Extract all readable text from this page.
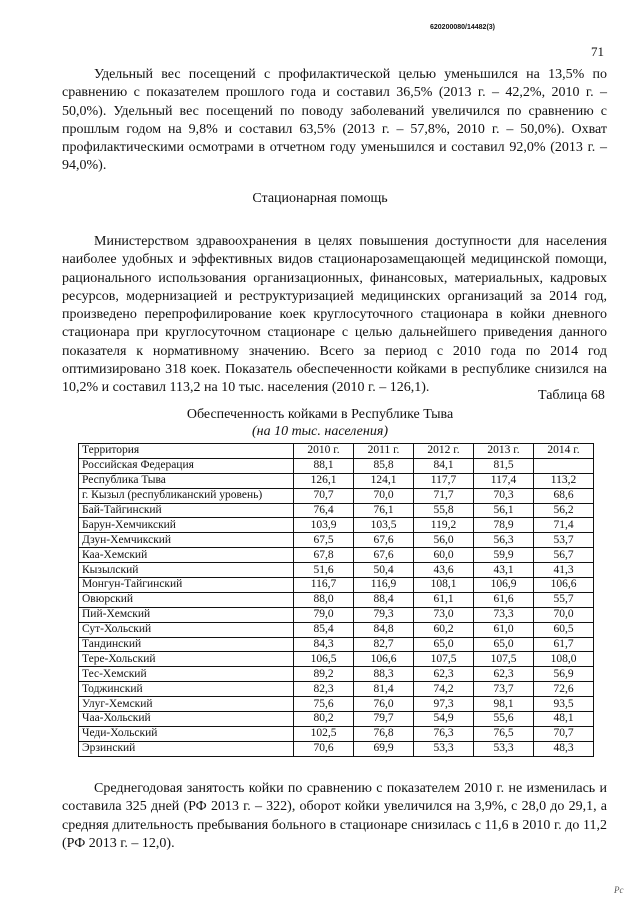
620200080/14482(3)
71
Удельный вес посещений с профилактической целью уменьшился на 13,5% по сравнению с показателем прошлого года и составил 36,5% (2013 г. – 42,2%, 2010 г. – 50,0%). Удельный вес посещений по поводу заболеваний увеличился по сравнению с прошлым годом на 9,8% и составил 63,5% (2013 г. – 57,8%, 2010 г. – 50,0%). Охват профилактическими осмотрами в отчетном году уменьшился и составил 92,0% (2013 г. – 94,0%).
Стационарная помощь
Министерством здравоохранения в целях повышения доступности для населения наиболее удобных и эффективных видов стационарозамещающей медицинской помощи, рационального использования организационных, финансовых, материальных, кадровых ресурсов, модернизацией и реструктуризацией медицинских организаций за 2014 год, произведено перепрофилирование коек круглосуточного стационара в койки дневного стационара при круглосуточном стационаре с целью дальнейшего приведения данного показателя к нормативному значению. Всего за период с 2010 года по 2014 год оптимизировано 318 коек. Показатель обеспеченности койками в республике снизился на 10,2% и составил 113,2 на 10 тыс. населения (2010 г. – 126,1).
Таблица 68
Обеспеченность койками в Республике Тыва
(на 10 тыс. населения)
Территория	2010 г.	2011 г.	2012 г.	2013 г.	2014 г.
Российская Федерация	88,1	85,8	84,1	81,5	
Республика Тыва	126,1	124,1	117,7	117,4	113,2
г. Кызыл (республиканский уровень)	70,7	70,0	71,7	70,3	68,6
Бай-Тайгинский	76,4	76,1	55,8	56,1	56,2
Барун-Хемчикский	103,9	103,5	119,2	78,9	71,4
Дзун-Хемчикский	67,5	67,6	56,0	56,3	53,7
Каа-Хемский	67,8	67,6	60,0	59,9	56,7
Кызылский	51,6	50,4	43,6	43,1	41,3
Монгун-Тайгинский	116,7	116,9	108,1	106,9	106,6
Овюрский	88,0	88,4	61,1	61,6	55,7
Пий-Хемский	79,0	79,3	73,0	73,3	70,0
Сут-Хольский	85,4	84,8	60,2	61,0	60,5
Тандинский	84,3	82,7	65,0	65,0	61,7
Тере-Хольский	106,5	106,6	107,5	107,5	108,0
Тес-Хемский	89,2	88,3	62,3	62,3	56,9
Тоджинский	82,3	81,4	74,2	73,7	72,6
Улуг-Хемский	75,6	76,0	97,3	98,1	93,5
Чаа-Хольский	80,2	79,7	54,9	55,6	48,1
Чеди-Хольский	102,5	76,8	76,3	76,5	70,7
Эрзинский	70,6	69,9	53,3	53,3	48,3
Среднегодовая занятость койки по сравнению с показателем 2010 г. не изменилась и составила 325 дней (РФ 2013 г. – 322), оборот койки увеличился на 3,9%, с 28,0 до 29,1, а средняя длительность пребывания больного в стационаре снизилась с 11,6 в 2010 г. до 11,2 (РФ 2013 г. – 12,0).
Рс
